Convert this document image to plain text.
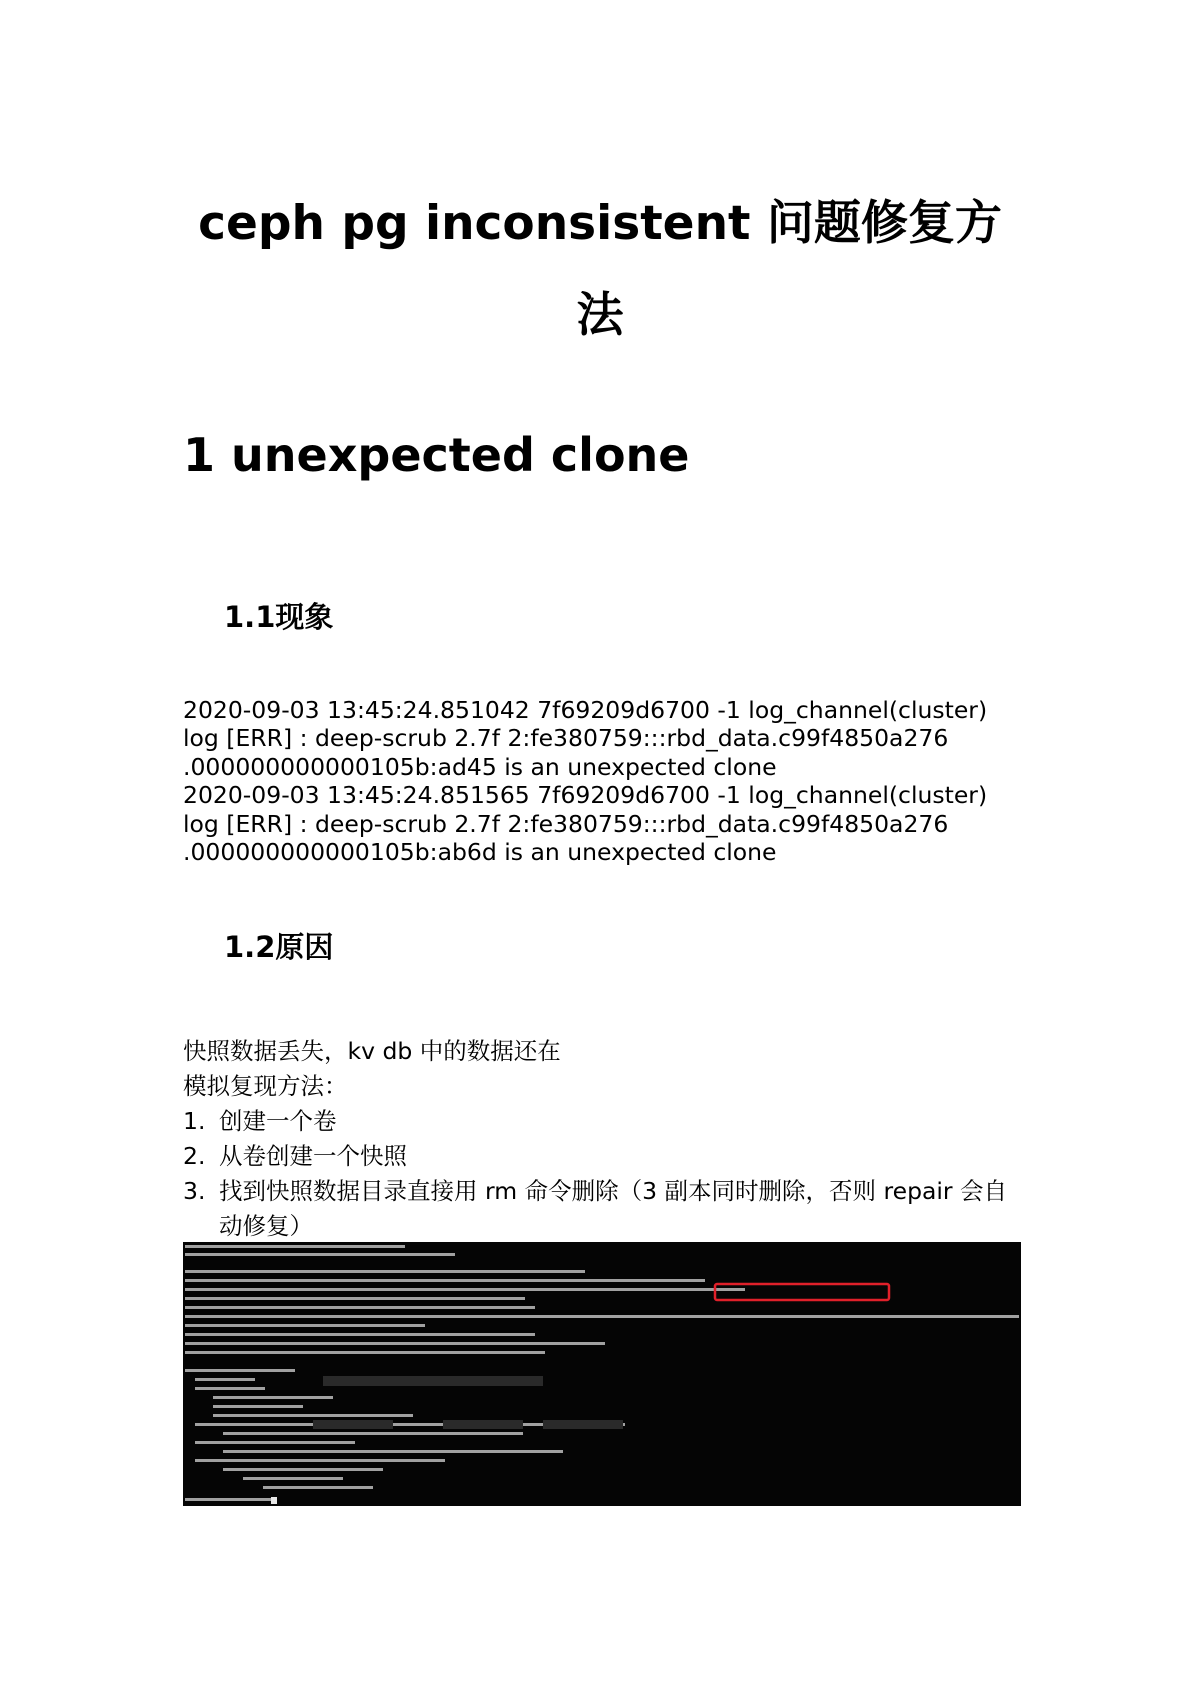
ceph pg inconsistent 问题修复方
法
1 unexpected clone
1.1现象
2020-09-03 13:45:24.851042 7f69209d6700 -1 log_channel(cluster)
log [ERR] : deep-scrub 2.7f 2:fe380759:::rbd_data.c99f4850a276
.000000000000105b:ad45 is an unexpected clone
2020-09-03 13:45:24.851565 7f69209d6700 -1 log_channel(cluster)
log [ERR] : deep-scrub 2.7f 2:fe380759:::rbd_data.c99f4850a276
.000000000000105b:ab6d is an unexpected clone
1.2原因

快照数据丢失，kv db 中的数据还在

模拟复现方法：

1. 创建一个卷
2. 从卷创建一个快照
3. 找到快照数据目录直接用 rm 命令删除（3 副本同时删除，否则 repair 会自动修复）
